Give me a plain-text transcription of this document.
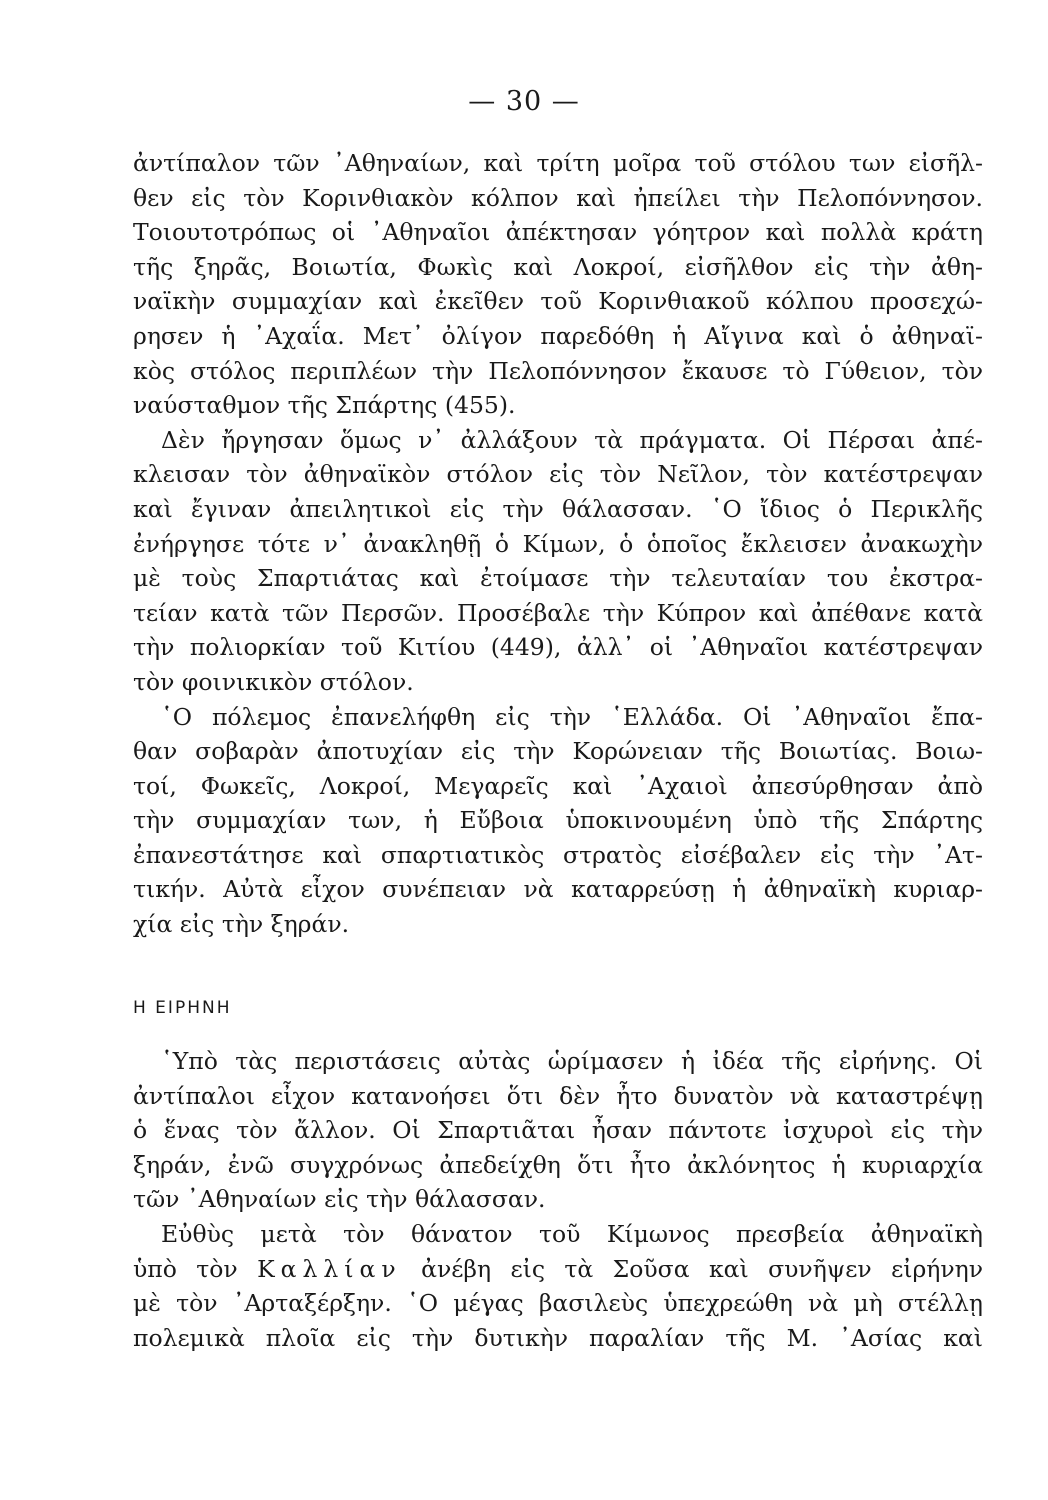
— 30 —
ἀντίπαλον τῶν ᾿Αθηναίων, καὶ τρίτη μοῖρα τοῦ στόλου των εἰσῆλ-
θεν εἰς τὸν Κορινθιακὸν κόλπον καὶ ἠπείλει τὴν Πελοπόννησον.
Τοιουτοτρόπως οἱ ᾿Αθηναῖοι ἀπέκτησαν γόητρον καὶ πολλὰ κράτη
τῆς ξηρᾶς, Βοιωτία, Φωκὶς καὶ Λοκροί, εἰσῆλθον εἰς τὴν ἀθη-
ναϊκὴν συμμαχίαν καὶ ἐκεῖθεν τοῦ Κορινθιακοῦ κόλπου προσεχώ-
ρησεν ἡ ᾿Αχαΐα. Μετ᾿ ὀλίγον παρεδόθη ἡ Αἴγινα καὶ ὁ ἀθηναϊ-
κὸς στόλος περιπλέων τὴν Πελοπόννησον ἔκαυσε τὸ Γύθειον, τὸν
ναύσταθμον τῆς Σπάρτης (455).
Δὲν ἤργησαν ὅμως ν᾿ ἀλλάξουν τὰ πράγματα. Οἱ Πέρσαι ἀπέ-
κλεισαν τὸν ἀθηναϊκὸν στόλον εἰς τὸν Νεῖλον, τὸν κατέστρεψαν
καὶ ἔγιναν ἀπειλητικοὶ εἰς τὴν θάλασσαν. ῾Ο ἴδιος ὁ Περικλῆς
ἐνήργησε τότε ν᾿ ἀνακληθῇ ὁ Κίμων, ὁ ὁποῖος ἔκλεισεν ἀνακωχὴν
μὲ τοὺς Σπαρτιάτας καὶ ἐτοίμασε τὴν τελευταίαν του ἐκστρα-
τείαν κατὰ τῶν Περσῶν. Προσέβαλε τὴν Κύπρον καὶ ἀπέθανε κατὰ
τὴν πολιορκίαν τοῦ Κιτίου (449), ἀλλ᾿ οἱ ᾿Αθηναῖοι κατέστρεψαν
τὸν φοινικικὸν στόλον.
῾Ο πόλεμος ἐπανελήφθη εἰς τὴν ῾Ελλάδα. Οἱ ᾿Αθηναῖοι ἔπα-
θαν σοβαρὰν ἀποτυχίαν εἰς τὴν Κορώνειαν τῆς Βοιωτίας. Βοιω-
τοί, Φωκεῖς, Λοκροί, Μεγαρεῖς καὶ ᾿Αχαιοὶ ἀπεσύρθησαν ἀπὸ
τὴν συμμαχίαν των, ἡ Εὔβοια ὑποκινουμένη ὑπὸ τῆς Σπάρτης
ἐπανεστάτησε καὶ σπαρτιατικὸς στρατὸς εἰσέβαλεν εἰς τὴν ᾿Ατ-
τικήν. Αὐτὰ εἶχον συνέπειαν νὰ καταρρεύσῃ ἡ ἀθηναϊκὴ κυριαρ-
χία εἰς τὴν ξηράν.
Η ΕΙΡΗΝΗ
῾Υπὸ τὰς περιστάσεις αὐτὰς ὡρίμασεν ἡ ἰδέα τῆς εἰρήνης. Οἱ
ἀντίπαλοι εἶχον κατανοήσει ὅτι δὲν ἦτο δυνατὸν νὰ καταστρέψῃ
ὁ ἕνας τὸν ἄλλον. Οἱ Σπαρτιᾶται ἦσαν πάντοτε ἰσχυροὶ εἰς τὴν
ξηράν, ἐνῶ συγχρόνως ἀπεδείχθη ὅτι ἦτο ἀκλόνητος ἡ κυριαρχία
τῶν ᾿Αθηναίων εἰς τὴν θάλασσαν.
Εὐθὺς μετὰ τὸν θάνατον τοῦ Κίμωνος πρεσβεία ἀθηναϊκὴ
ὑπὸ τὸν Καλλίαν ἀνέβη εἰς τὰ Σοῦσα καὶ συνῆψεν εἰρήνην
μὲ τὸν ᾿Αρταξέρξην. ῾Ο μέγας βασιλεὺς ὑπεχρεώθη νὰ μὴ στέλλῃ
πολεμικὰ πλοῖα εἰς τὴν δυτικὴν παραλίαν τῆς Μ. ᾿Ασίας καὶ
